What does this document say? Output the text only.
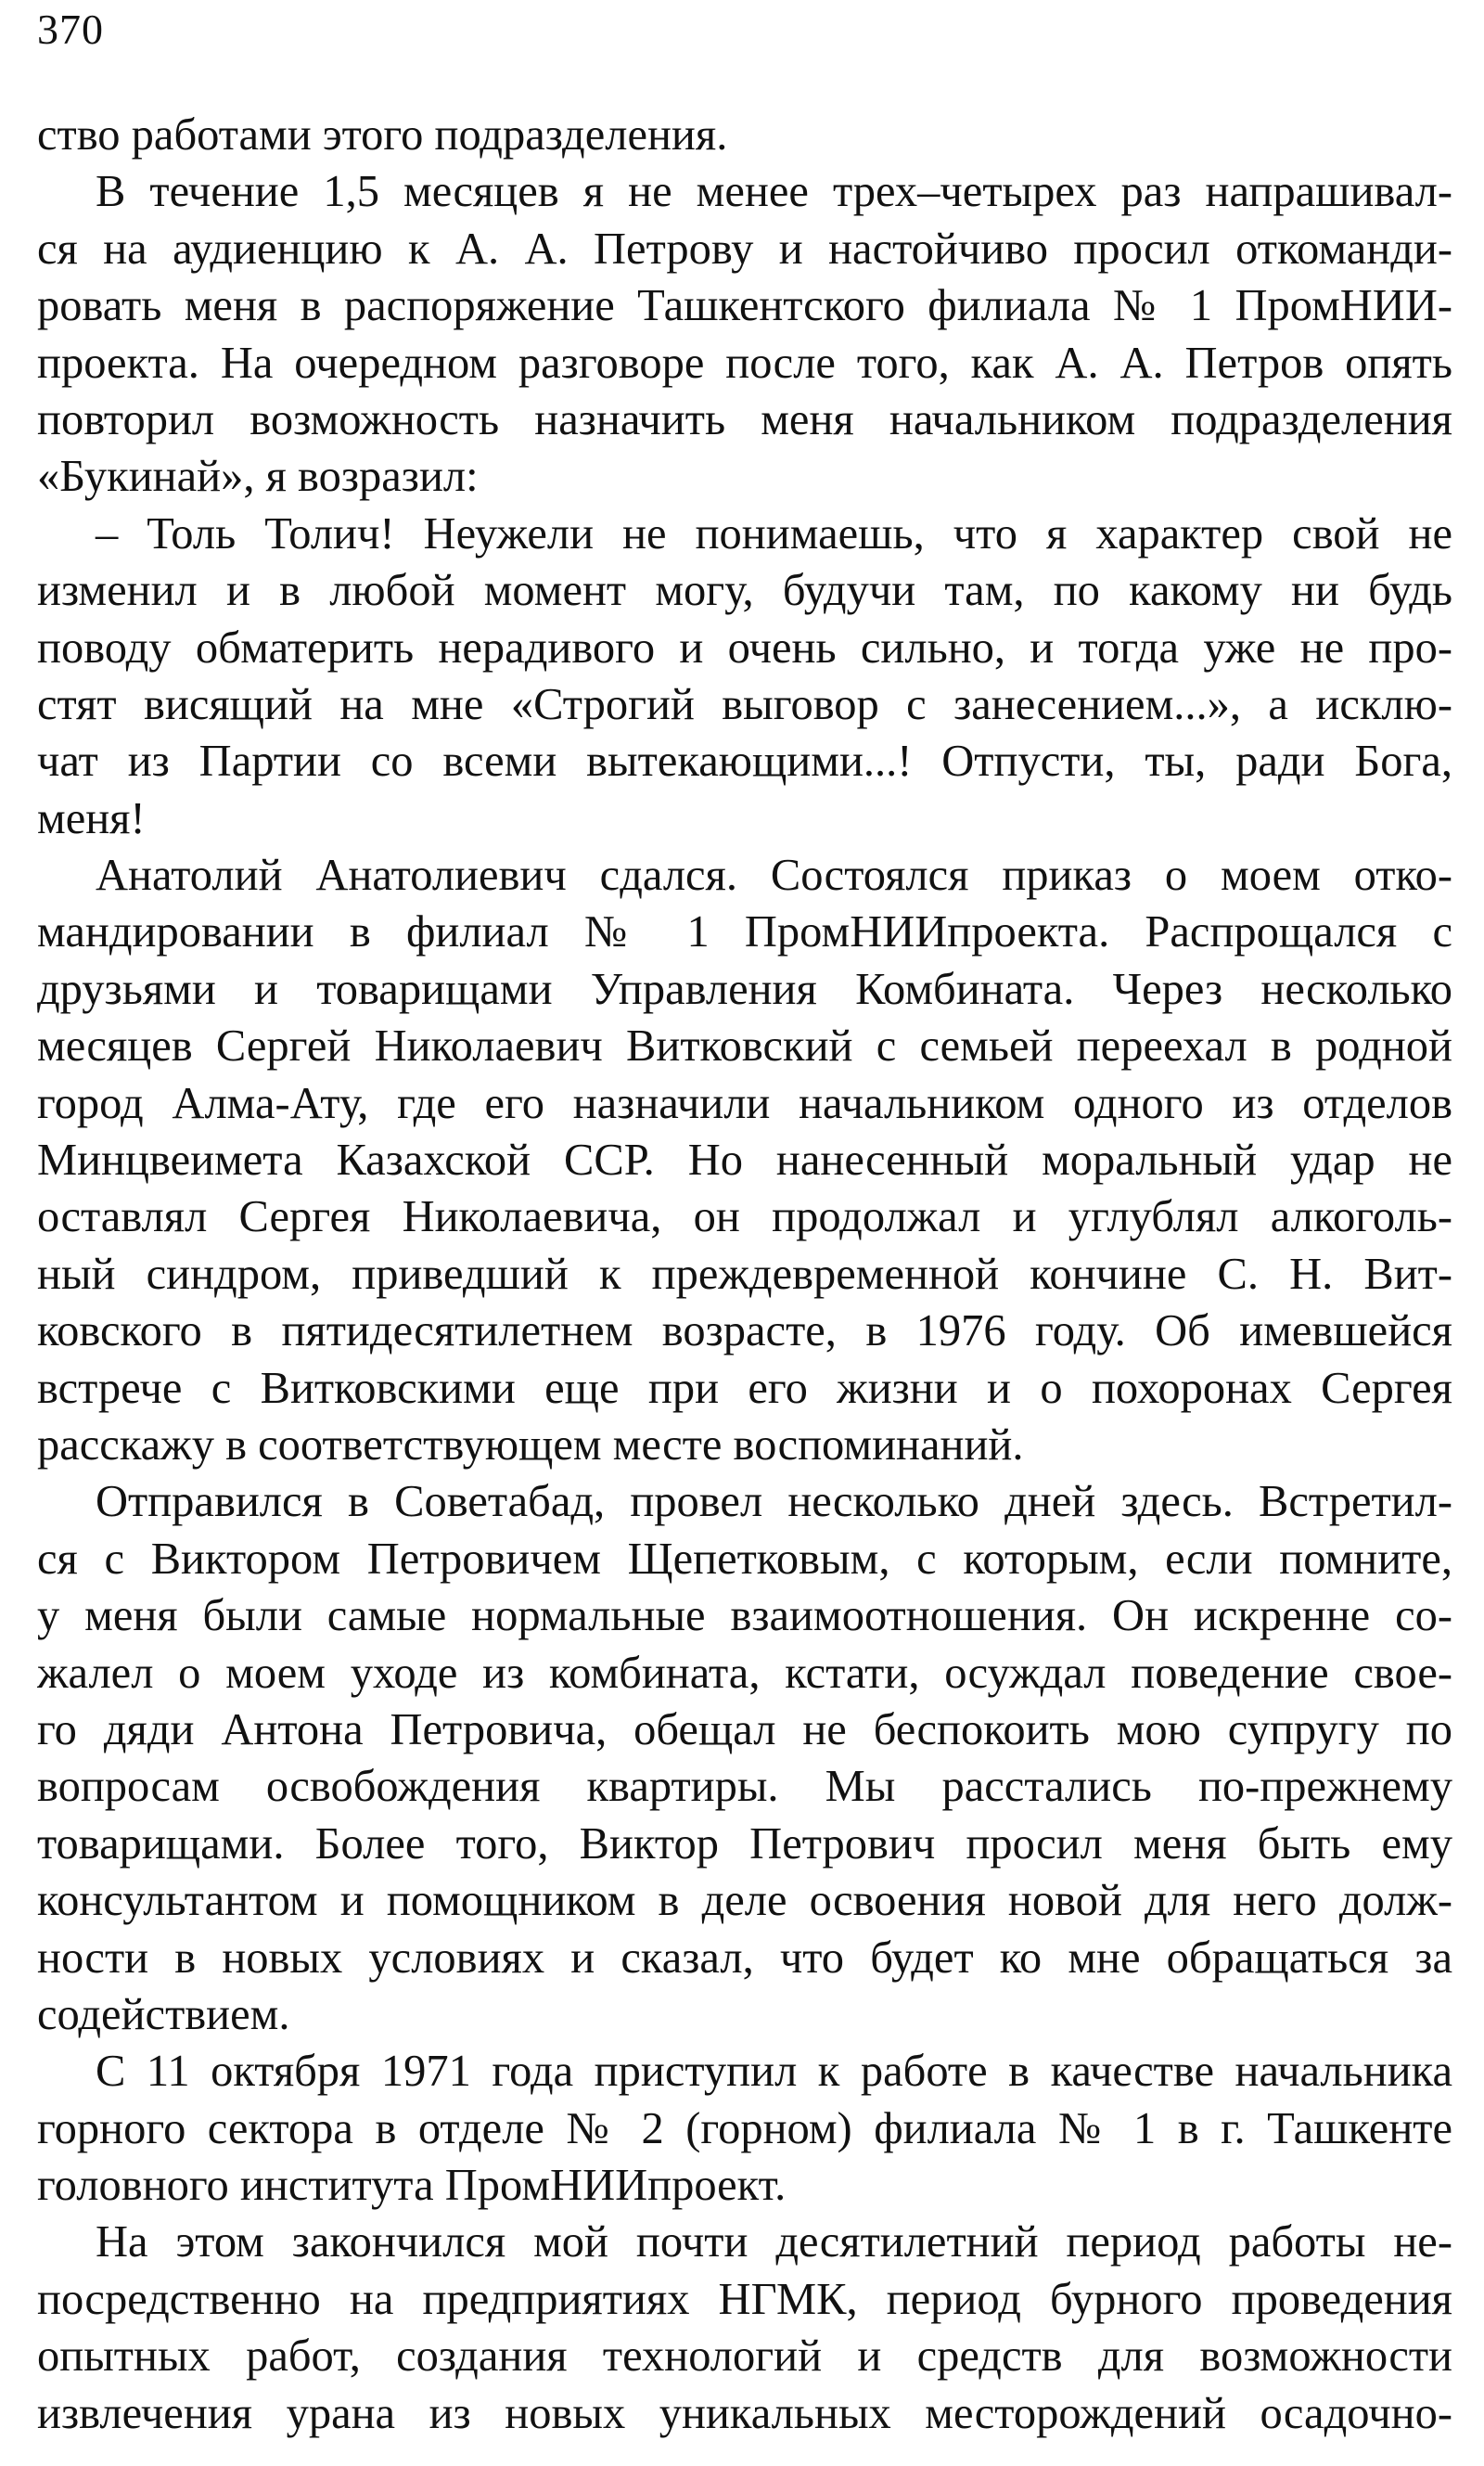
370
ство работами этого подразделения.
В течение 1,5 месяцев я не менее трех–четырех раз напрашивал-
ся на аудиенцию к А. А. Петрову и настойчиво просил откоманди-
ровать меня в распоряжение Ташкентского филиала № 1 ПромНИИ-
проекта. На очередном разговоре после того, как А. А. Петров опять
повторил возможность назначить меня начальником подразделения
«Букинай», я возразил:
– Толь Толич! Неужели не понимаешь, что я характер свой не
изменил и в любой момент могу, будучи там, по какому ни будь
поводу обматерить нерадивого и очень сильно, и тогда уже не про-
стят висящий на мне «Строгий выговор с занесением...», а исклю-
чат из Партии со всеми вытекающими...! Отпусти, ты, ради Бога,
меня!
Анатолий Анатолиевич сдался. Состоялся приказ о моем отко-
мандировании в филиал № 1 ПромНИИпроекта. Распрощался с
друзьями и товарищами Управления Комбината. Через несколько
месяцев Сергей Николаевич Витковский с семьей переехал в родной
город Алма-Ату, где его назначили начальником одного из отделов
Минцвеимета Казахской ССР. Но нанесенный моральный удар не
оставлял Сергея Николаевича, он продолжал и углублял алкоголь-
ный синдром, приведший к преждевременной кончине С. Н. Вит-
ковского в пятидесятилетнем возрасте, в 1976 году. Об имевшейся
встрече с Витковскими еще при его жизни и о похоронах Сергея
расскажу в соответствующем месте воспоминаний.
Отправился в Советабад, провел несколько дней здесь. Встретил-
ся с Виктором Петровичем Щепетковым, с которым, если помните,
у меня были самые нормальные взаимоотношения. Он искренне со-
жалел о моем уходе из комбината, кстати, осуждал поведение свое-
го дяди Антона Петровича, обещал не беспокоить мою супругу по
вопросам освобождения квартиры. Мы расстались по-прежнему
товарищами. Более того, Виктор Петрович просил меня быть ему
консультантом и помощником в деле освоения новой для него долж-
ности в новых условиях и сказал, что будет ко мне обращаться за
содействием.
С 11 октября 1971 года приступил к работе в качестве начальника
горного сектора в отделе № 2 (горном) филиала № 1 в г. Ташкенте
головного института ПромНИИпроект.
На этом закончился мой почти десятилетний период работы не-
посредственно на предприятиях НГМК, период бурного проведения
опытных работ, создания технологий и средств для возможности
извлечения урана из новых уникальных месторождений осадочно-
